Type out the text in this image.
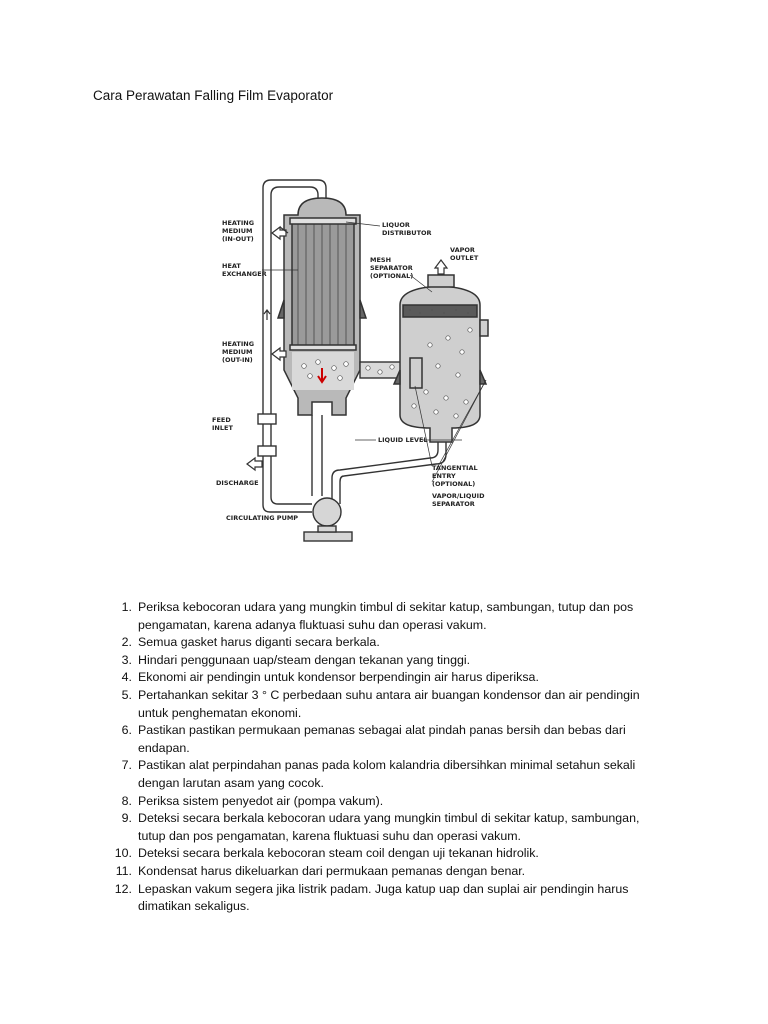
Cara Perawatan Falling Film Evaporator
HEATING MEDIUM (IN-OUT)
HEAT EXCHANGER
HEATING MEDIUM (OUT-IN)
FEED INLET
DISCHARGE
CIRCULATING PUMP
LIQUOR DISTRIBUTOR
VAPOR OUTLET
MESH SEPARATOR (OPTIONAL)
LIQUID LEVEL
TANGENTIAL ENTRY (OPTIONAL)
VAPOR/LIQUID SEPARATOR
1. Periksa kebocoran udara yang mungkin timbul di sekitar katup, sambungan, tutup dan pos pengamatan, karena adanya fluktuasi suhu dan operasi vakum.
2. Semua gasket harus diganti secara berkala.
3. Hindari penggunaan uap/steam dengan tekanan yang tinggi.
4. Ekonomi air pendingin untuk kondensor berpendingin air harus diperiksa.
5. Pertahankan sekitar 3 ° C perbedaan suhu antara air buangan kondensor dan air pendingin untuk penghematan ekonomi.
6. Pastikan pastikan permukaan pemanas sebagai alat pindah panas bersih dan bebas dari endapan.
7. Pastikan alat perpindahan panas pada kolom kalandria dibersihkan minimal setahun sekali dengan larutan asam yang cocok.
8. Periksa sistem penyedot air (pompa vakum).
9. Deteksi secara berkala kebocoran udara yang mungkin timbul di sekitar katup, sambungan, tutup dan pos pengamatan, karena fluktuasi suhu dan operasi vakum.
10. Deteksi secara berkala kebocoran steam coil dengan uji tekanan hidrolik.
11. Kondensat harus dikeluarkan dari permukaan pemanas dengan benar.
12. Lepaskan vakum segera jika listrik padam. Juga katup uap dan suplai air pendingin harus dimatikan sekaligus.
